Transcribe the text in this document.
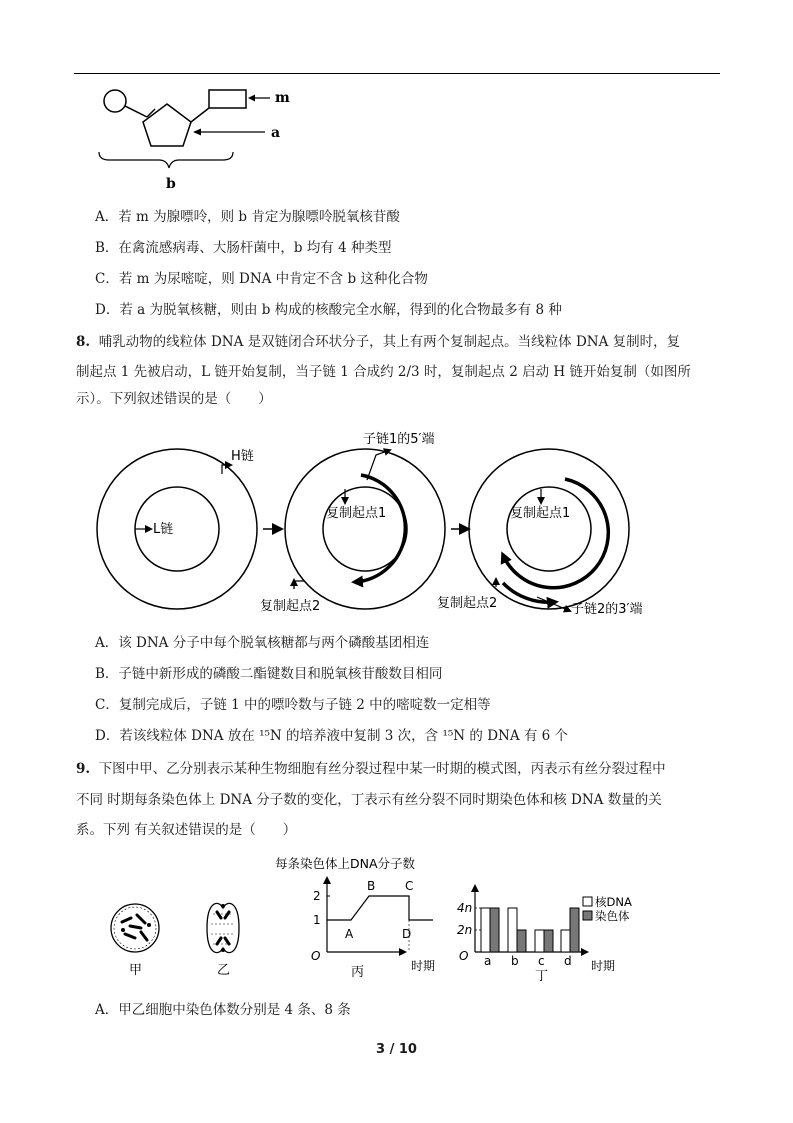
m
a
b
A．若 m 为腺嘌呤，则 b 肯定为腺嘌呤脱氧核苷酸
B．在禽流感病毒、大肠杆菌中，b 均有 4 种类型
C．若 m 为尿嘧啶，则 DNA 中肯定不含 b 这种化合物
D．若 a 为脱氧核糖，则由 b 构成的核酸完全水解，得到的化合物最多有 8 种
8. 哺乳动物的线粒体 DNA 是双链闭合环状分子，其上有两个复制起点。当线粒体 DNA 复制时，复
制起点 1 先被启动，L 链开始复制，当子链 1 合成约 2/3 时，复制起点 2 启动 H 链开始复制（如图所
示）。下列叙述错误的是（　　）
H链
L链
复制起点1
子链1的5′端
复制起点2
复制起点1
复制起点2	子链2的3′端
A．该 DNA 分子中每个脱氧核糖都与两个磷酸基团相连
B．子链中新形成的磷酸二酯键数目和脱氧核苷酸数目相同
C．复制完成后，子链 1 中的嘌呤数与子链 2 中的嘧啶数一定相等
D．若该线粒体 DNA 放在 ¹⁵N 的培养液中复制 3 次，含 ¹⁵N 的 DNA 有 6 个
9. 下图中甲、乙分别表示某种生物细胞有丝分裂过程中某一时期的模式图，丙表示有丝分裂过程中
不同 时期每条染色体上 DNA 分子数的变化，丁表示有丝分裂不同时期染色体和核 DNA 数量的关
系。下列 有关叙述错误的是（　　）
甲	乙
每条染色体上DNA分子数
2
1
O
A
B C
D
时期
丙
4n
2n
O a b c d 时期
核DNA
染色体
丁
A．甲乙细胞中染色体数分别是 4 条、8 条
3 / 10
